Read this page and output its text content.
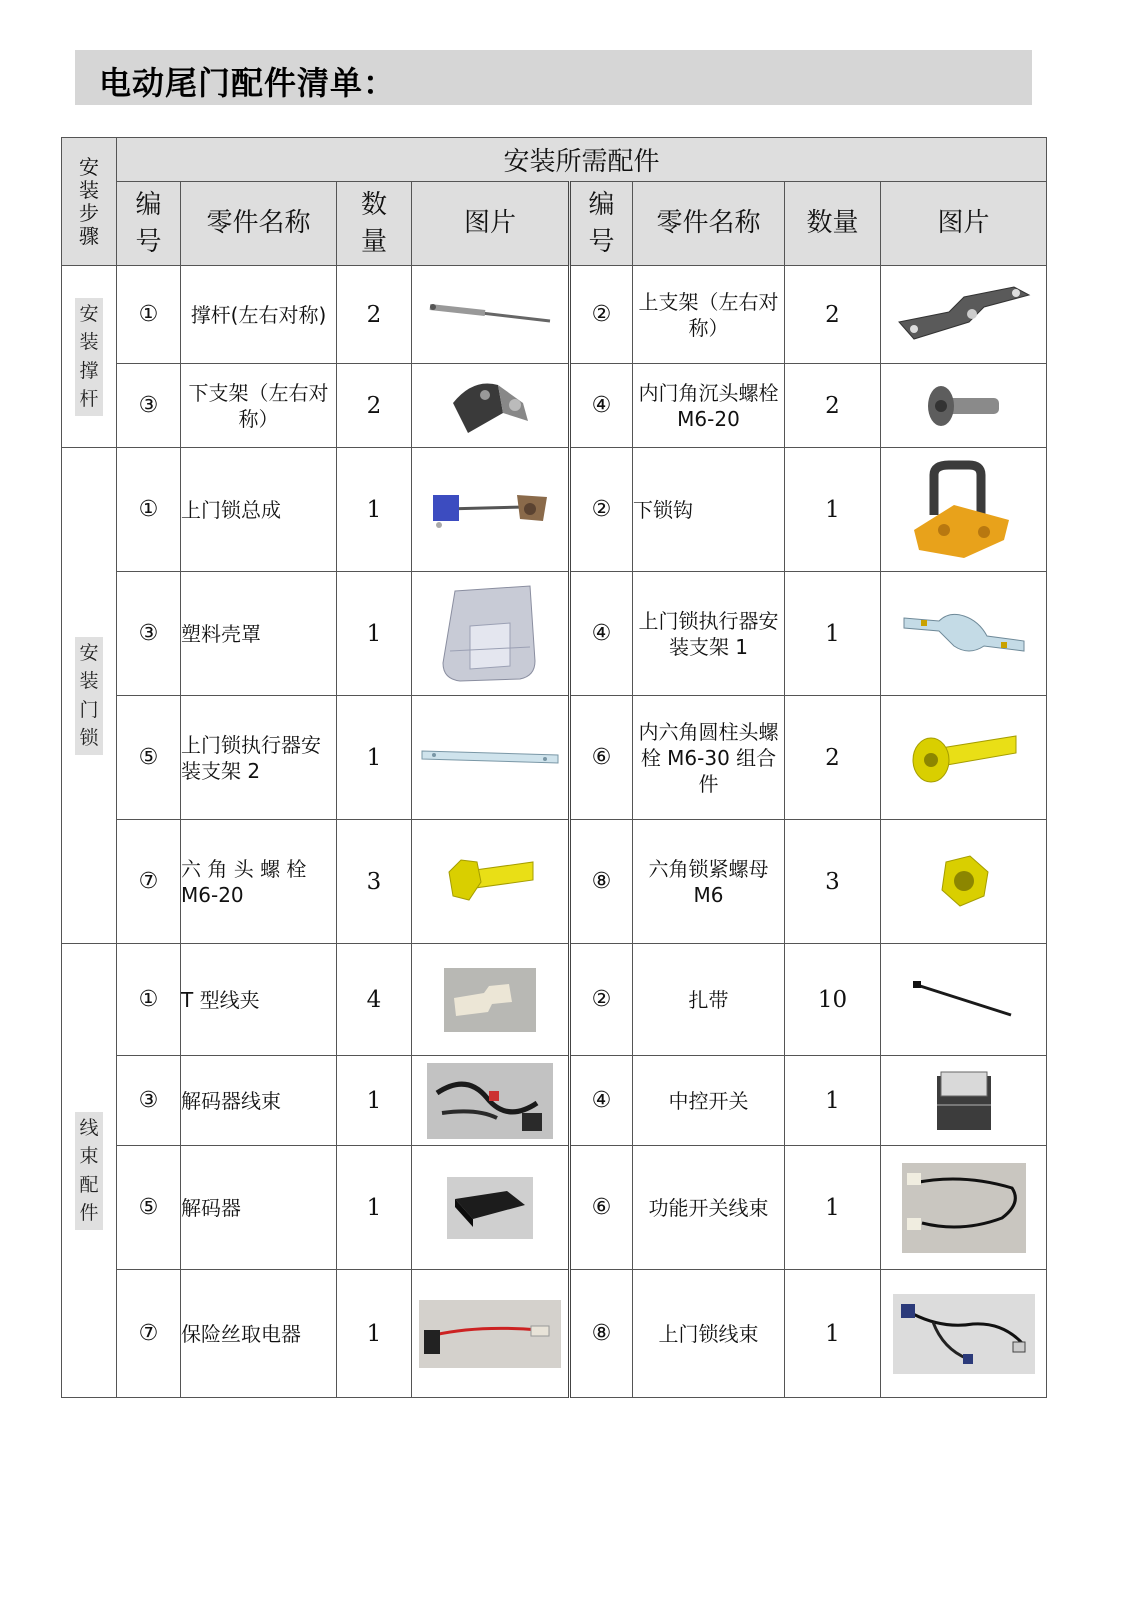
电动尾门配件清单：
安装步骤	安装所需配件							
	编号	零件名称	数量	图片	编号	零件名称	数量	图片
安装撑杆	①	撑杆(左右对称)	2		②	上支架（左右对称）	2	

	③	下支架（左右对称）	2		④	内门角沉头螺栓 M6-20	2	

安装门锁	①	上门锁总成	1		②	下锁钩	1	

	③	塑料壳罩	1		④	上门锁执行器安装支架 1	1	

	⑤	上门锁执行器安装支架 2	1		⑥	内六角圆柱头螺栓 M6-30 组合件	2	

	⑦	六 角 头 螺 栓 M6-20	3		⑧	六角锁紧螺母 M6	3	

线束配件	①	T 型线夹	4		②	扎带	10	

	③	解码器线束	1		④	中控开关	1	

	⑤	解码器	1		⑥	功能开关线束	1	

	⑦	保险丝取电器	1		⑧	上门锁线束	1	
